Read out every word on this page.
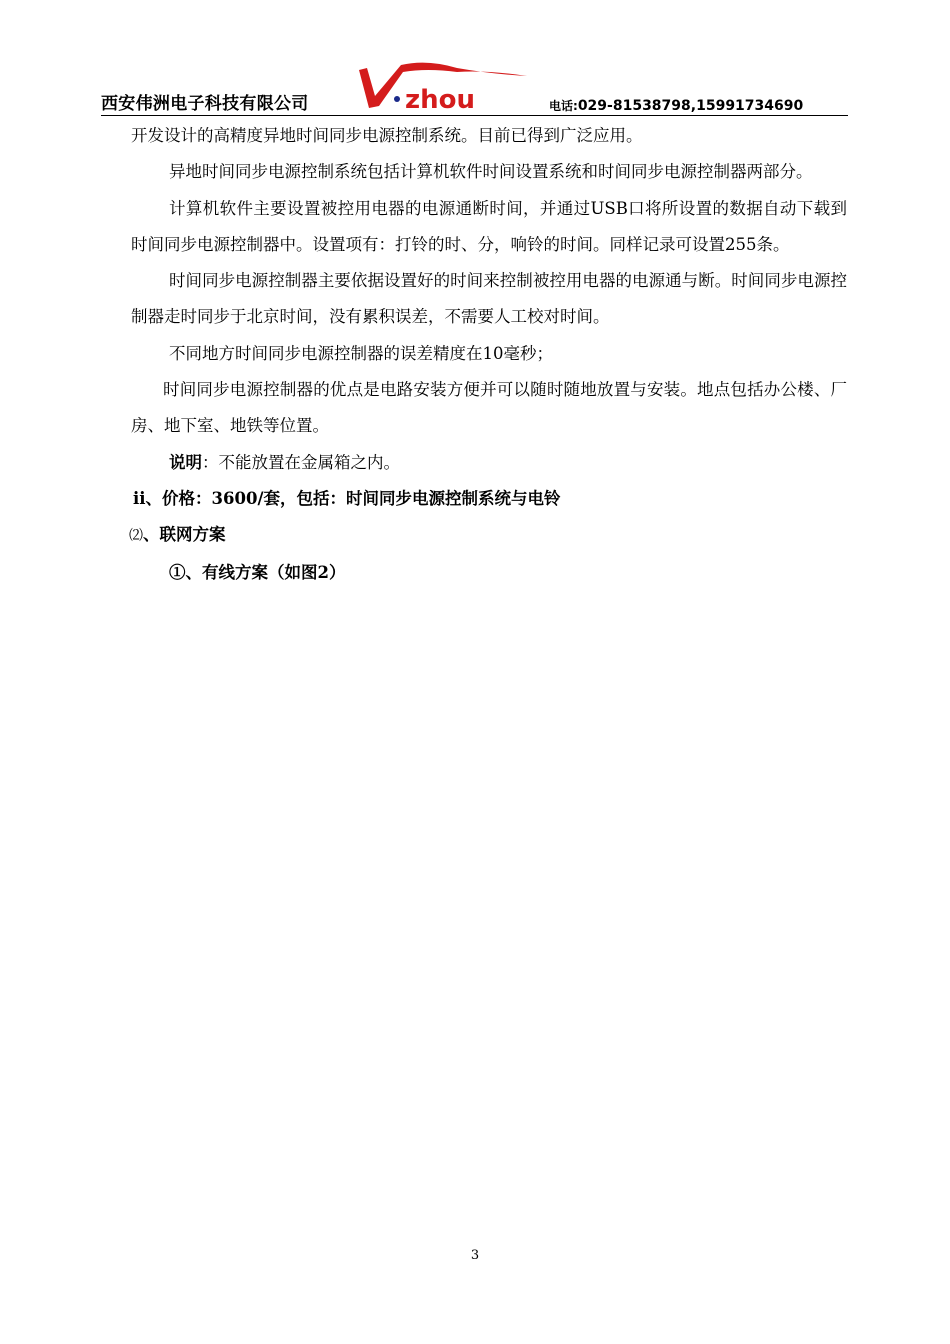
西安伟洲电子科技有限公司	zhou	电话:029-81538798,15991734690

开发设计的高精度异地时间同步电源控制系统。目前已得到广泛应用。

异地时间同步电源控制系统包括计算机软件时间设置系统和时间同步电源控制器两部分。

计算机软件主要设置被控用电器的电源通断时间，并通过USB口将所设置的数据自动下载到时间同步电源控制器中。设置项有：打铃的时、分，响铃的时间。同样记录可设置255条。

时间同步电源控制器主要依据设置好的时间来控制被控用电器的电源通与断。时间同步电源控制器走时同步于北京时间，没有累积误差，不需要人工校对时间。

不同地方时间同步电源控制器的误差精度在10毫秒；

时间同步电源控制器的优点是电路安装方便并可以随时随地放置与安装。地点包括办公楼、厂房、地下室、地铁等位置。

说明：不能放置在金属箱之内。

ii、价格：3600/套，包括：时间同步电源控制系统与电铃

⑵、联网方案

①、有线方案（如图2）

3
